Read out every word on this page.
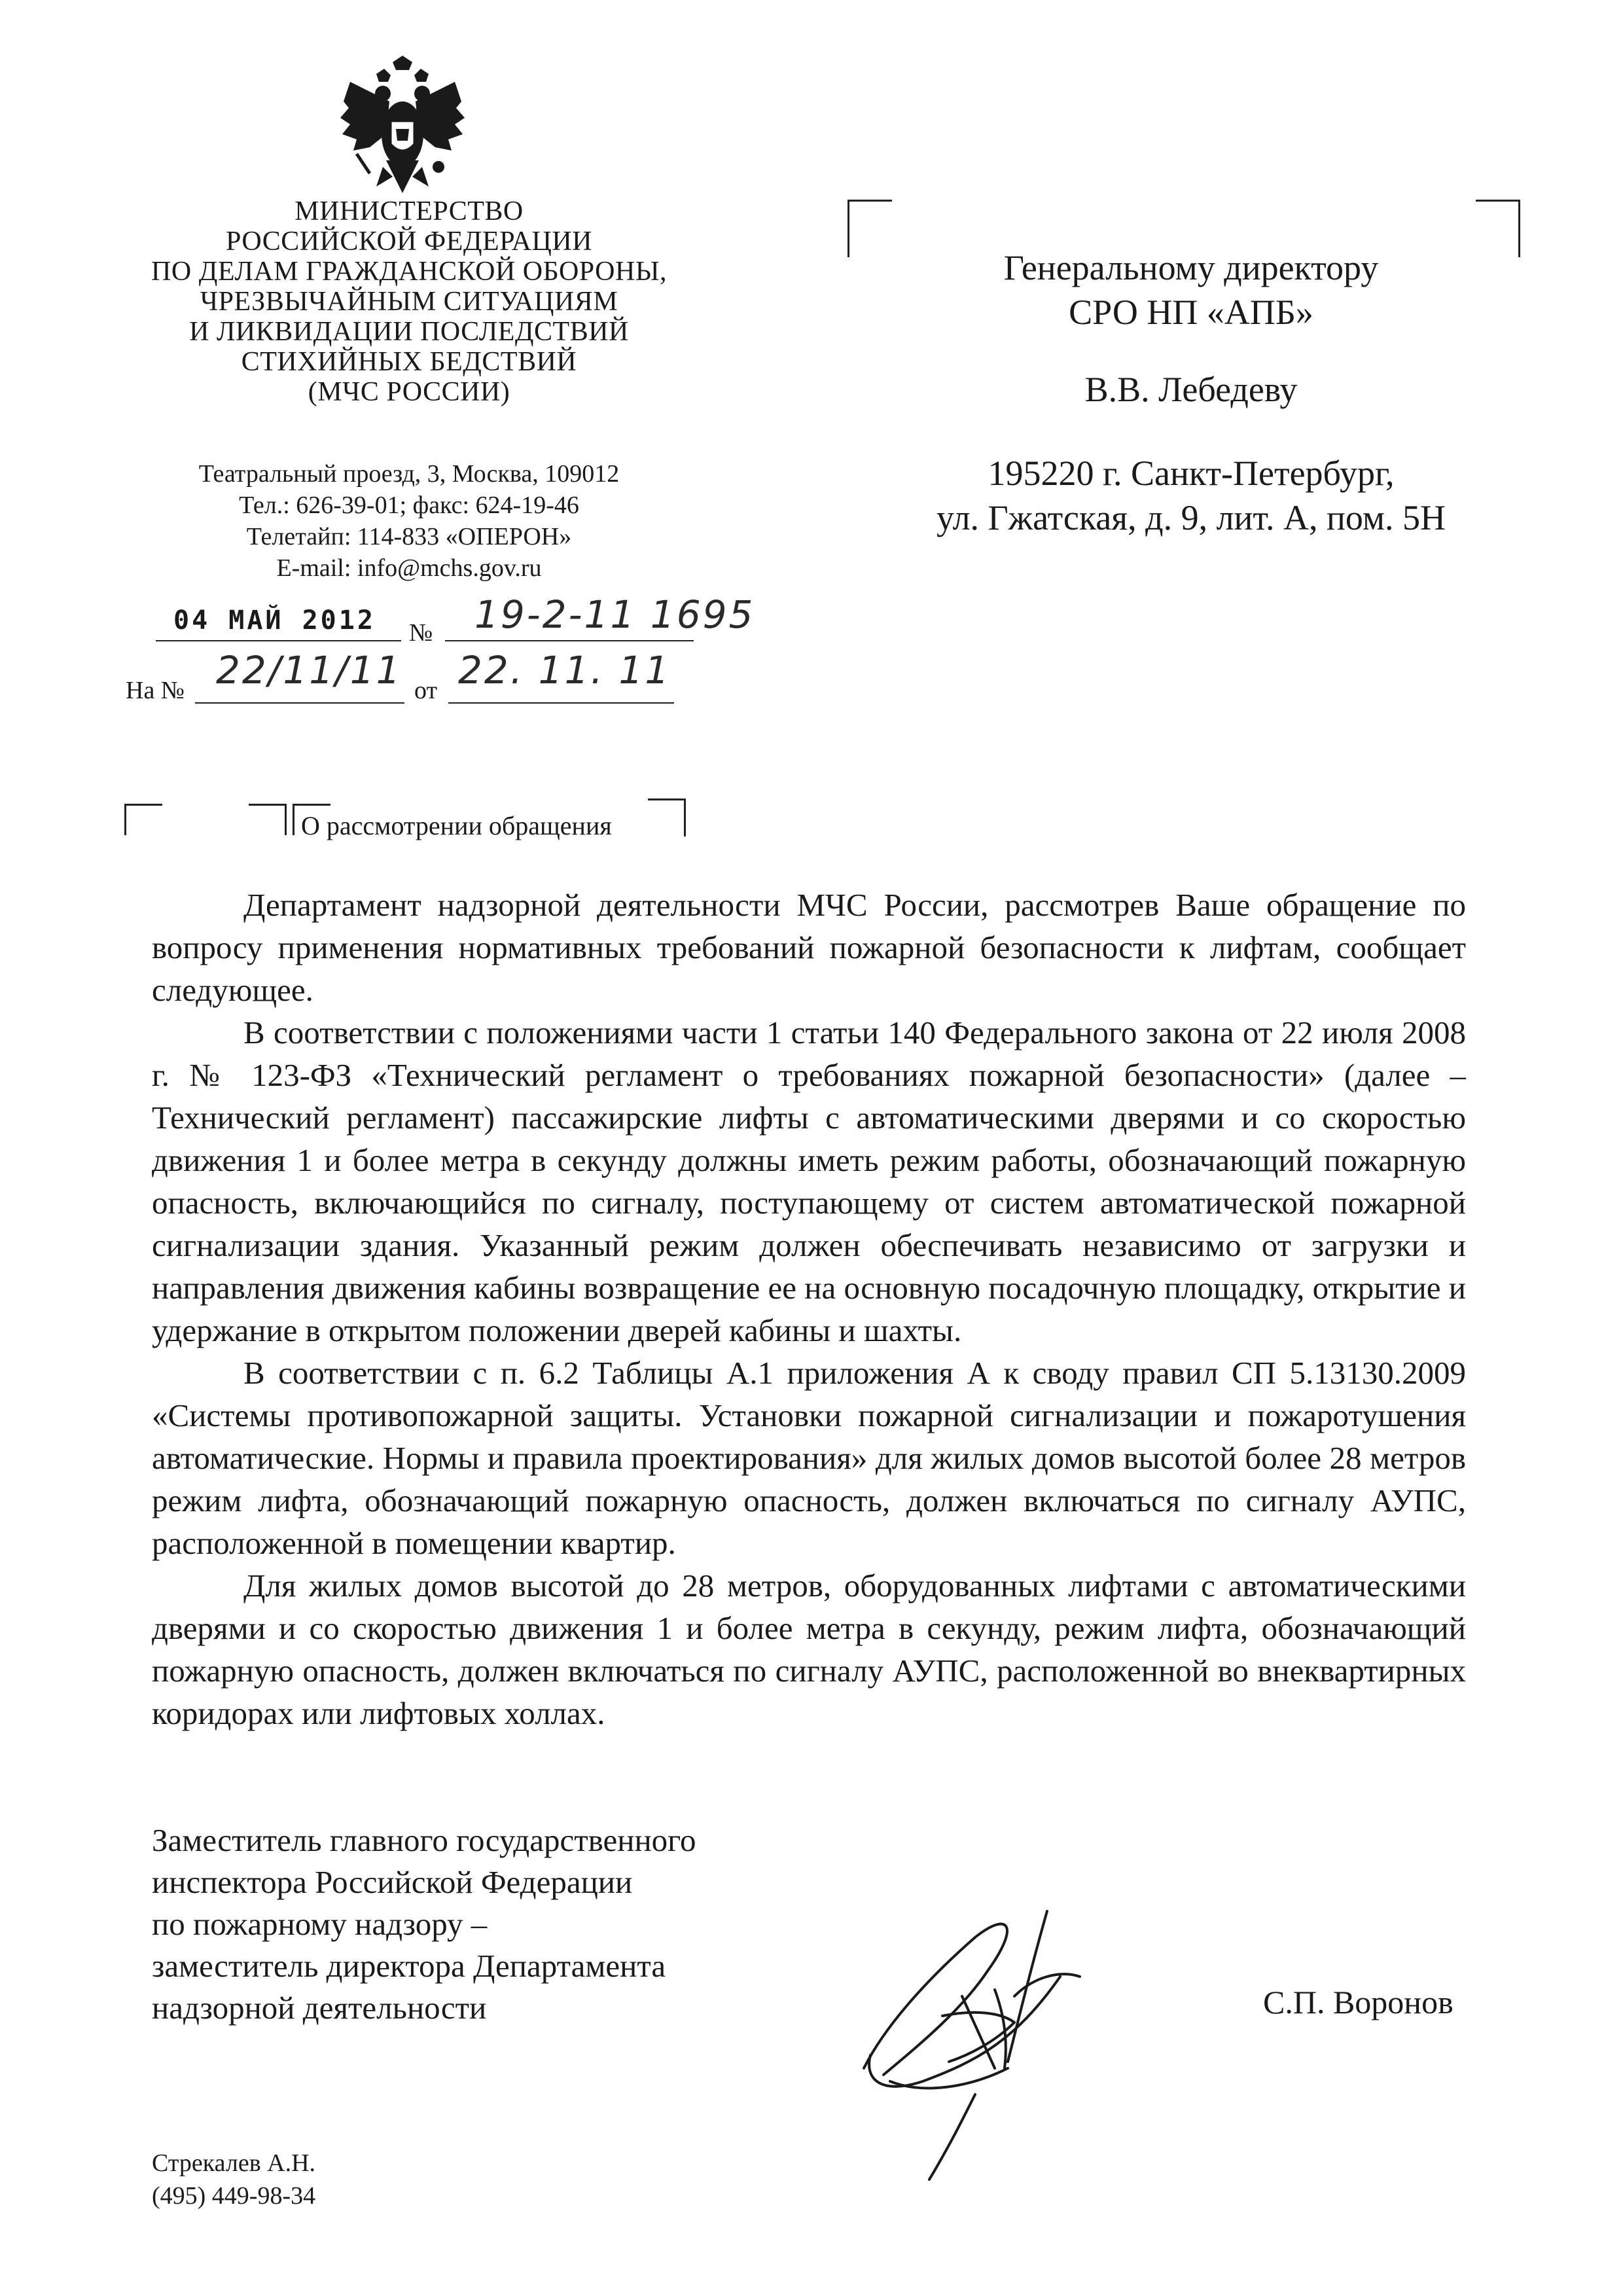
МИНИСТЕРСТВО
РОССИЙСКОЙ ФЕДЕРАЦИИ
ПО ДЕЛАМ ГРАЖДАНСКОЙ ОБОРОНЫ,
ЧРЕЗВЫЧАЙНЫМ СИТУАЦИЯМ
И ЛИКВИДАЦИИ ПОСЛЕДСТВИЙ
СТИХИЙНЫХ БЕДСТВИЙ
(МЧС РОССИИ)
Театральный проезд, 3, Москва, 109012
Тел.: 626-39-01; факс: 624-19-46
Телетайп: 114-833 «ОПЕРОН»
E-mail: info@mchs.gov.ru
04 МАЙ 2012 № 19-2-11 1695
На № 22/11/11 от 22. 11. 11
Генеральному директору
СРО НП «АПБ»
В.В. Лебедеву
195220 г. Санкт-Петербург,
ул. Гжатская, д. 9, лит. А, пом. 5Н
О рассмотрении обращения

Департамент надзорной деятельности МЧС России, рассмотрев Ваше обращение по вопросу применения нормативных требований пожарной безопасности к лифтам, сообщает следующее.

В соответствии с положениями части 1 статьи 140 Федерального закона от 22 июля 2008 г. № 123-ФЗ «Технический регламент о требованиях пожарной безопасности» (далее – Технический регламент) пассажирские лифты с автоматическими дверями и со скоростью движения 1 и более метра в секунду должны иметь режим работы, обозначающий пожарную опасность, включающийся по сигналу, поступающему от систем автоматической пожарной сигнализации здания. Указанный режим должен обеспечивать независимо от загрузки и направления движения кабины возвращение ее на основную посадочную площадку, открытие и удержание в открытом положении дверей кабины и шахты.

В соответствии с п. 6.2 Таблицы А.1 приложения А к своду правил СП 5.13130.2009 «Системы противопожарной защиты. Установки пожарной сигнализации и пожаротушения автоматические. Нормы и правила проектирования» для жилых домов высотой более 28 метров режим лифта, обозначающий пожарную опасность, должен включаться по сигналу АУПС, расположенной в помещении квартир.

Для жилых домов высотой до 28 метров, оборудованных лифтами с автоматическими дверями и со скоростью движения 1 и более метра в секунду, режим лифта, обозначающий пожарную опасность, должен включаться по сигналу АУПС, расположенной во внеквартирных коридорах или лифтовых холлах.

Заместитель главного государственного
инспектора Российской Федерации
по пожарному надзору –
заместитель директора Департамента
надзорной деятельности	С.П. Воронов
Стрекалев А.Н.
(495) 449-98-34
